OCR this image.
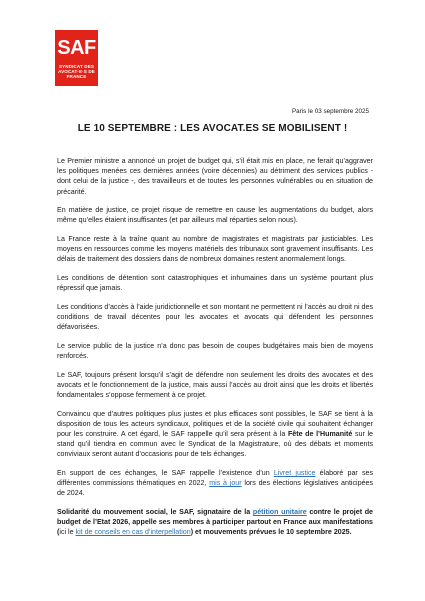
SAF
SYNDICAT DES
AVOCAT·E·S DE FRANCE
Paris le 03 septembre 2025
LE 10 SEPTEMBRE : LES AVOCAT.ES SE MOBILISENT !

Le Premier ministre a annoncé un projet de budget qui, s’il était mis en place, ne ferait qu’aggraver les politiques menées ces dernières années (voire décennies) au détriment des services publics - dont celui de la justice -, des travailleurs et de toutes les personnes vulnérables ou en situation de précarité.

En matière de justice, ce projet risque de remettre en cause les augmentations du budget, alors même qu’elles étaient insuffisantes (et par ailleurs mal réparties selon nous).

La France reste à la traîne quant au nombre de magistrates et magistrats par justiciables. Les moyens en ressources comme les moyens matériels des tribunaux sont gravement insuffisants. Les délais de traitement des dossiers dans de nombreux domaines restent anormalement longs.

Les conditions de détention sont catastrophiques et inhumaines dans un système pourtant plus répressif que jamais.

Les conditions d’accès à l’aide juridictionnelle et son montant ne permettent ni l’accès au droit ni des conditions de travail décentes pour les avocates et avocats qui défendent les personnes défavorisées.

Le service public de la justice n’a donc pas besoin de coupes budgétaires mais bien de moyens renforcés.

Le SAF, toujours présent lorsqu’il s’agit de défendre non seulement les droits des avocates et des avocats et le fonctionnement de la justice, mais aussi l’accès au droit ainsi que les droits et libertés fondamentales s’oppose fermement à ce projet.

Convaincu que d’autres politiques plus justes et plus efficaces sont possibles, le SAF se tient à la disposition de tous les acteurs syndicaux, politiques et de la société civile qui souhaitent échanger pour les construire. A cet égard, le SAF rappelle qu’il sera présent à la Fête de l’Humanité sur le stand qu’il tiendra en commun avec le Syndicat de la Magistrature, où des débats et moments conviviaux seront autant d’occasions pour de tels échanges.

En support de ces échanges, le SAF rappelle l’existence d’un Livret justice élaboré par ses différentes commissions thématiques en 2022, mis à jour lors des élections législatives anticipées de 2024.

Solidarité du mouvement social, le SAF, signataire de la pétition unitaire contre le projet de budget de l’Etat 2026, appelle ses membres à participer partout en France aux manifestations (ici le kit de conseils en cas d’interpellation) et mouvements prévues le 10 septembre 2025.
